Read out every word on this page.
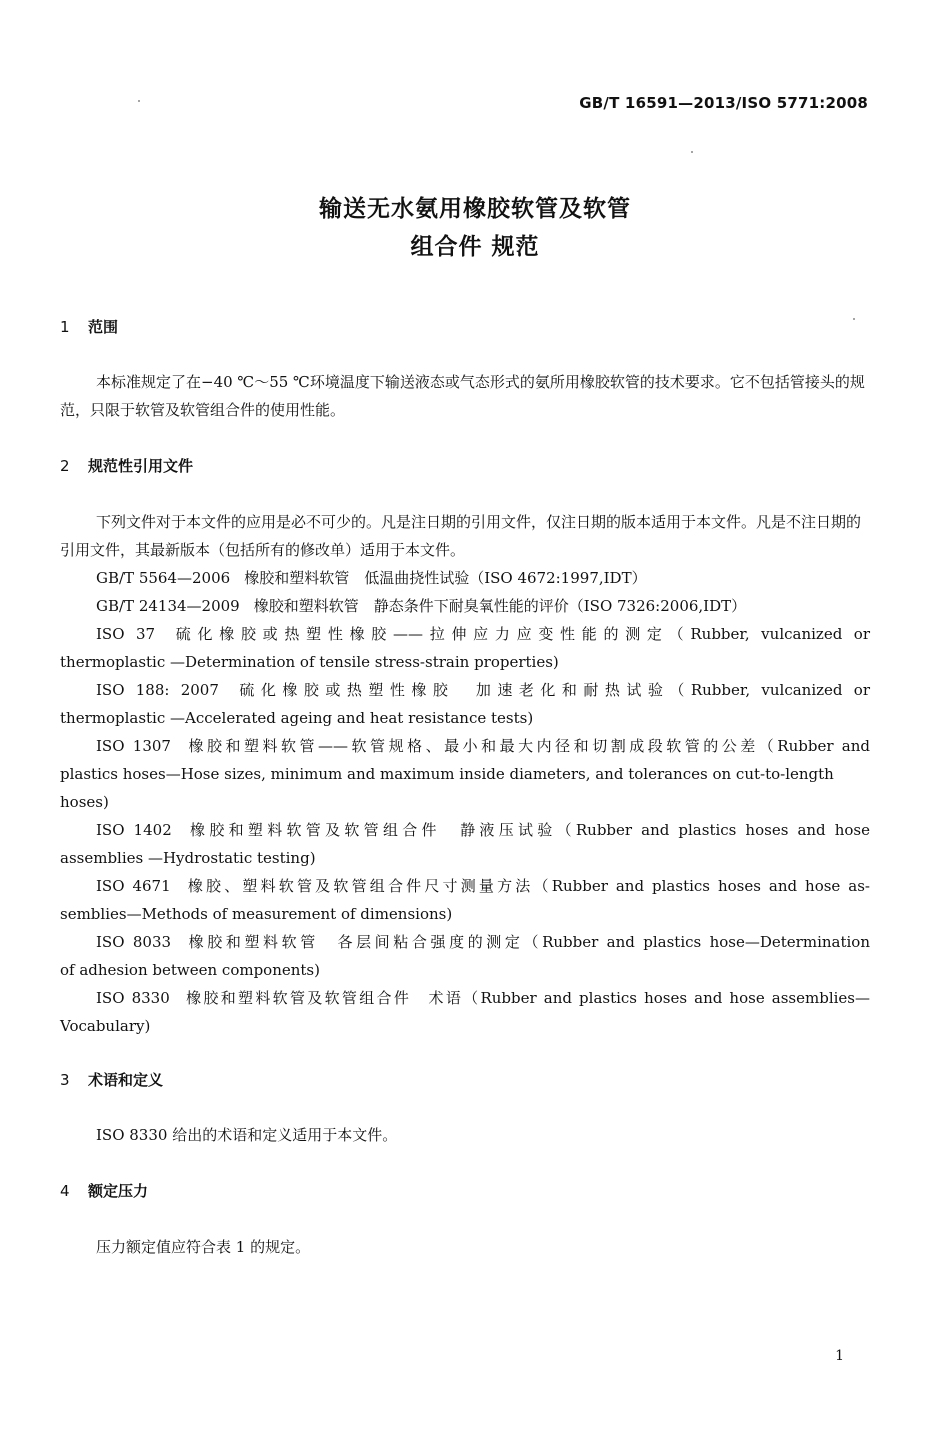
GB/T 16591—2013/ISO 5771:2008
输送无水氨用橡胶软管及软管
组合件 规范
1 范围
本标准规定了在−40 ℃～55 ℃环境温度下输送液态或气态形式的氨所用橡胶软管的技术要求。它不包括管接头的规范，只限于软管及软管组合件的使用性能。
2 规范性引用文件
下列文件对于本文件的应用是必不可少的。凡是注日期的引用文件，仅注日期的版本适用于本文件。凡是不注日期的引用文件，其最新版本（包括所有的修改单）适用于本文件。
GB/T 5564—2006 橡胶和塑料软管　低温曲挠性试验（ISO 4672:1997,IDT）
GB/T 24134—2009 橡胶和塑料软管　静态条件下耐臭氧性能的评价（ISO 7326:2006,IDT）
ISO 37 硫化橡胶或热塑性橡胶——拉伸应力应变性能的测定（Rubber, vulcanized or
thermoplastic —Determination of tensile stress-strain properties)
ISO 188: 2007 硫化橡胶或热塑性橡胶　加速老化和耐热试验（Rubber, vulcanized or
thermoplastic —Accelerated ageing and heat resistance tests)
ISO 1307 橡胶和塑料软管——软管规格、最小和最大内径和切割成段软管的公差（Rubber and
plastics hoses—Hose sizes, minimum and maximum inside diameters, and tolerances on cut-to-length hoses)
ISO 1402 橡胶和塑料软管及软管组合件　静液压试验（Rubber and plastics hoses and hose
assemblies —Hydrostatic testing)
ISO 4671 橡胶、塑料软管及软管组合件尺寸测量方法（Rubber and plastics hoses and hose as-
semblies—Methods of measurement of dimensions)
ISO 8033 橡胶和塑料软管　各层间粘合强度的测定（Rubber and plastics hose—Determination
of adhesion between components)
ISO 8330 橡胶和塑料软管及软管组合件　术语（Rubber and plastics hoses and hose assemblies—
Vocabulary)
3 术语和定义
ISO 8330 给出的术语和定义适用于本文件。
4 额定压力
压力额定值应符合表 1 的规定。
1
